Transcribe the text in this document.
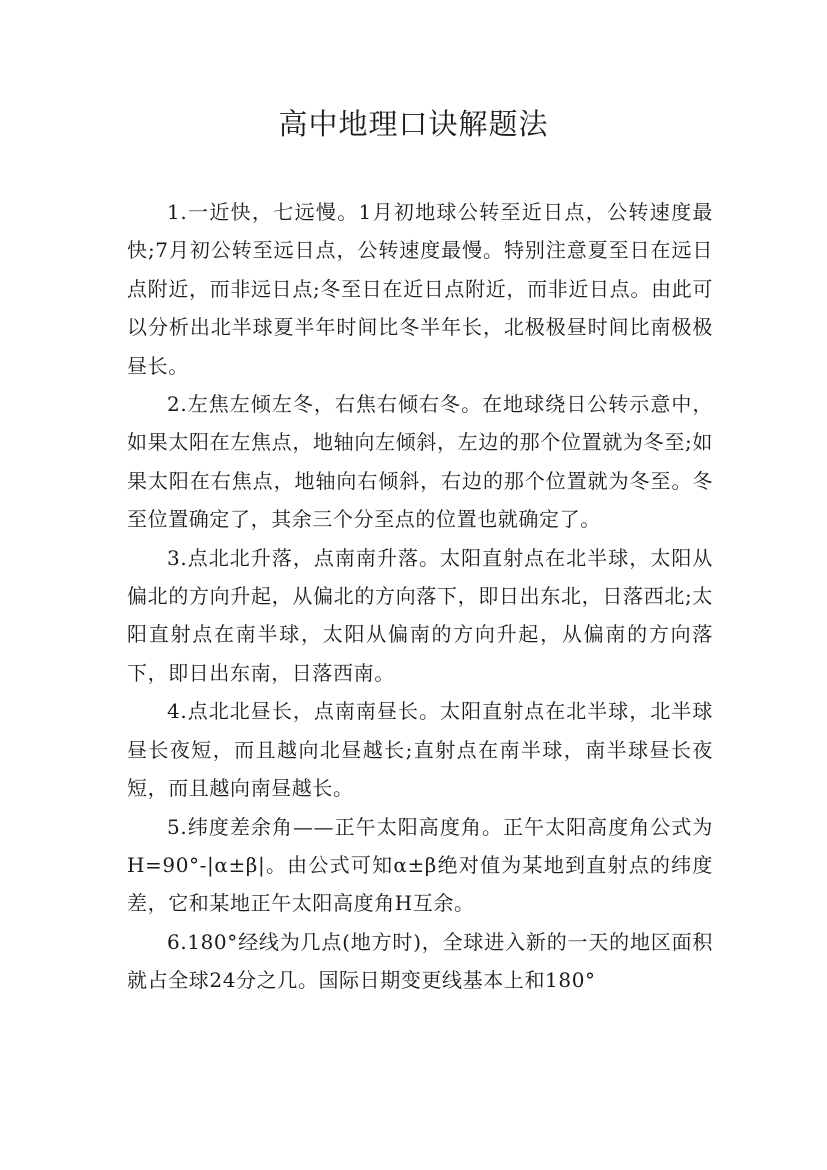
高中地理口诀解题法

1.一近快，七远慢。1月初地球公转至近日点，公转速度最快;7月初公转至远日点，公转速度最慢。特别注意夏至日在远日点附近，而非远日点;冬至日在近日点附近，而非近日点。由此可以分析出北半球夏半年时间比冬半年长，北极极昼时间比南极极昼长。

2.左焦左倾左冬，右焦右倾右冬。在地球绕日公转示意中，如果太阳在左焦点，地轴向左倾斜，左边的那个位置就为冬至;如果太阳在右焦点，地轴向右倾斜，右边的那个位置就为冬至。冬至位置确定了，其余三个分至点的位置也就确定了。

3.点北北升落，点南南升落。太阳直射点在北半球，太阳从偏北的方向升起，从偏北的方向落下，即日出东北，日落西北;太阳直射点在南半球，太阳从偏南的方向升起，从偏南的方向落下，即日出东南，日落西南。

4.点北北昼长，点南南昼长。太阳直射点在北半球，北半球昼长夜短，而且越向北昼越长;直射点在南半球，南半球昼长夜短，而且越向南昼越长。

5.纬度差余角——正午太阳高度角。正午太阳高度角公式为H=90°-|α±β|。由公式可知α±β绝对值为某地到直射点的纬度差，它和某地正午太阳高度角H互余。

6.180°经线为几点(地方时)，全球进入新的一天的地区面积就占全球24分之几。国际日期变更线基本上和180°
